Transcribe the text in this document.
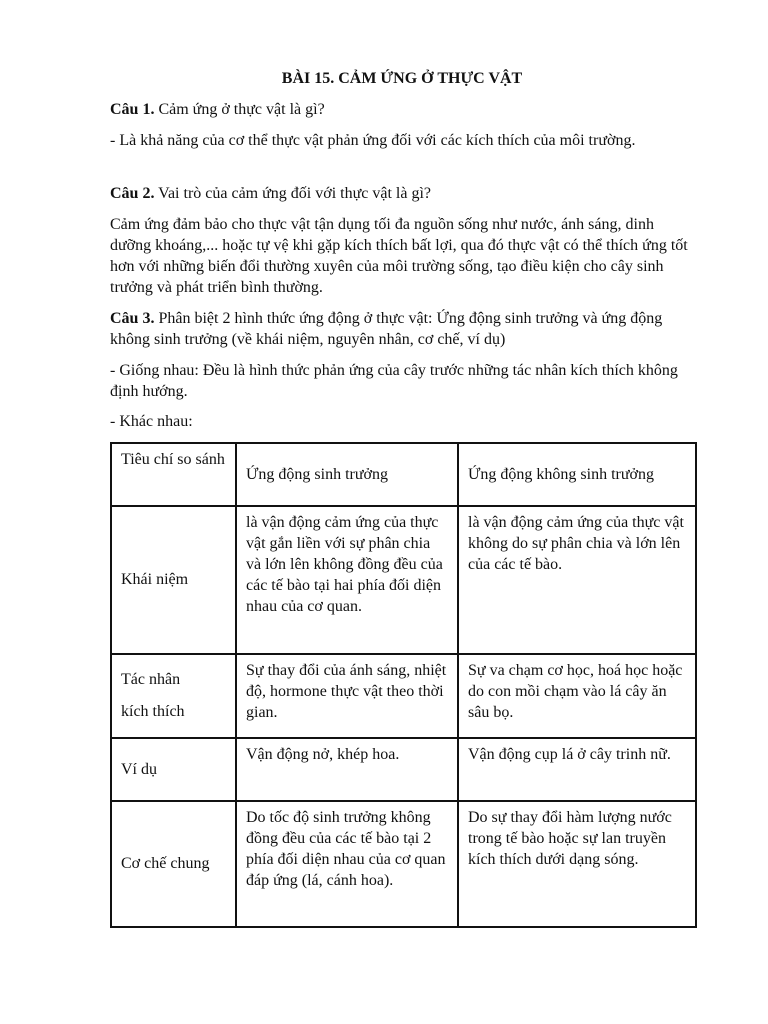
BÀI 15. CẢM ỨNG Ở THỰC VẬT
Câu 1. Cảm ứng ở thực vật là gì?
- Là khả năng của cơ thể thực vật phản ứng đối với các kích thích của môi trường.
Câu 2. Vai trò của cảm ứng đối với thực vật là gì?
Cảm ứng đảm bảo cho thực vật tận dụng tối đa nguồn sống như nước, ánh sáng, dinh dưỡng khoáng,... hoặc tự vệ khi gặp kích thích bất lợi, qua đó thực vật có thể thích ứng tốt hơn với những biến đổi thường xuyên của môi trường sống, tạo điều kiện cho cây sinh trưởng và phát triển bình thường.
Câu 3. Phân biệt 2 hình thức ứng động ở thực vật: Ứng động sinh trưởng và ứng động không sinh trưởng (về khái niệm, nguyên nhân, cơ chế, ví dụ)
- Giống nhau: Đều là hình thức phản ứng của cây trước những tác nhân kích thích không định hướng.
- Khác nhau:
Tiêu chí so sánh	Ứng động sinh trưởng	Ứng động không sinh trưởng
Khái niệm	là vận động cảm ứng của thực vật gắn liền với sự phân chia và lớn lên không đồng đều của các tế bào tại hai phía đối diện nhau của cơ quan.	là vận động cảm ứng của thực vật không do sự phân chia và lớn lên của các tế bào.

Tác nhân
kích thích	Sự thay đổi của ánh sáng, nhiệt độ, hormone thực vật theo thời gian.	Sự va chạm cơ học, hoá học hoặc do con mồi chạm vào lá cây ăn sâu bọ.
Ví dụ	Vận động nở, khép hoa.	Vận động cụp lá ở cây trinh nữ.
Cơ chế chung	Do tốc độ sinh trưởng không đồng đều của các tế bào tại 2 phía đối diện nhau của cơ quan đáp ứng (lá, cánh hoa).	Do sự thay đổi hàm lượng nước trong tế bào hoặc sự lan truyền kích thích dưới dạng sóng.
